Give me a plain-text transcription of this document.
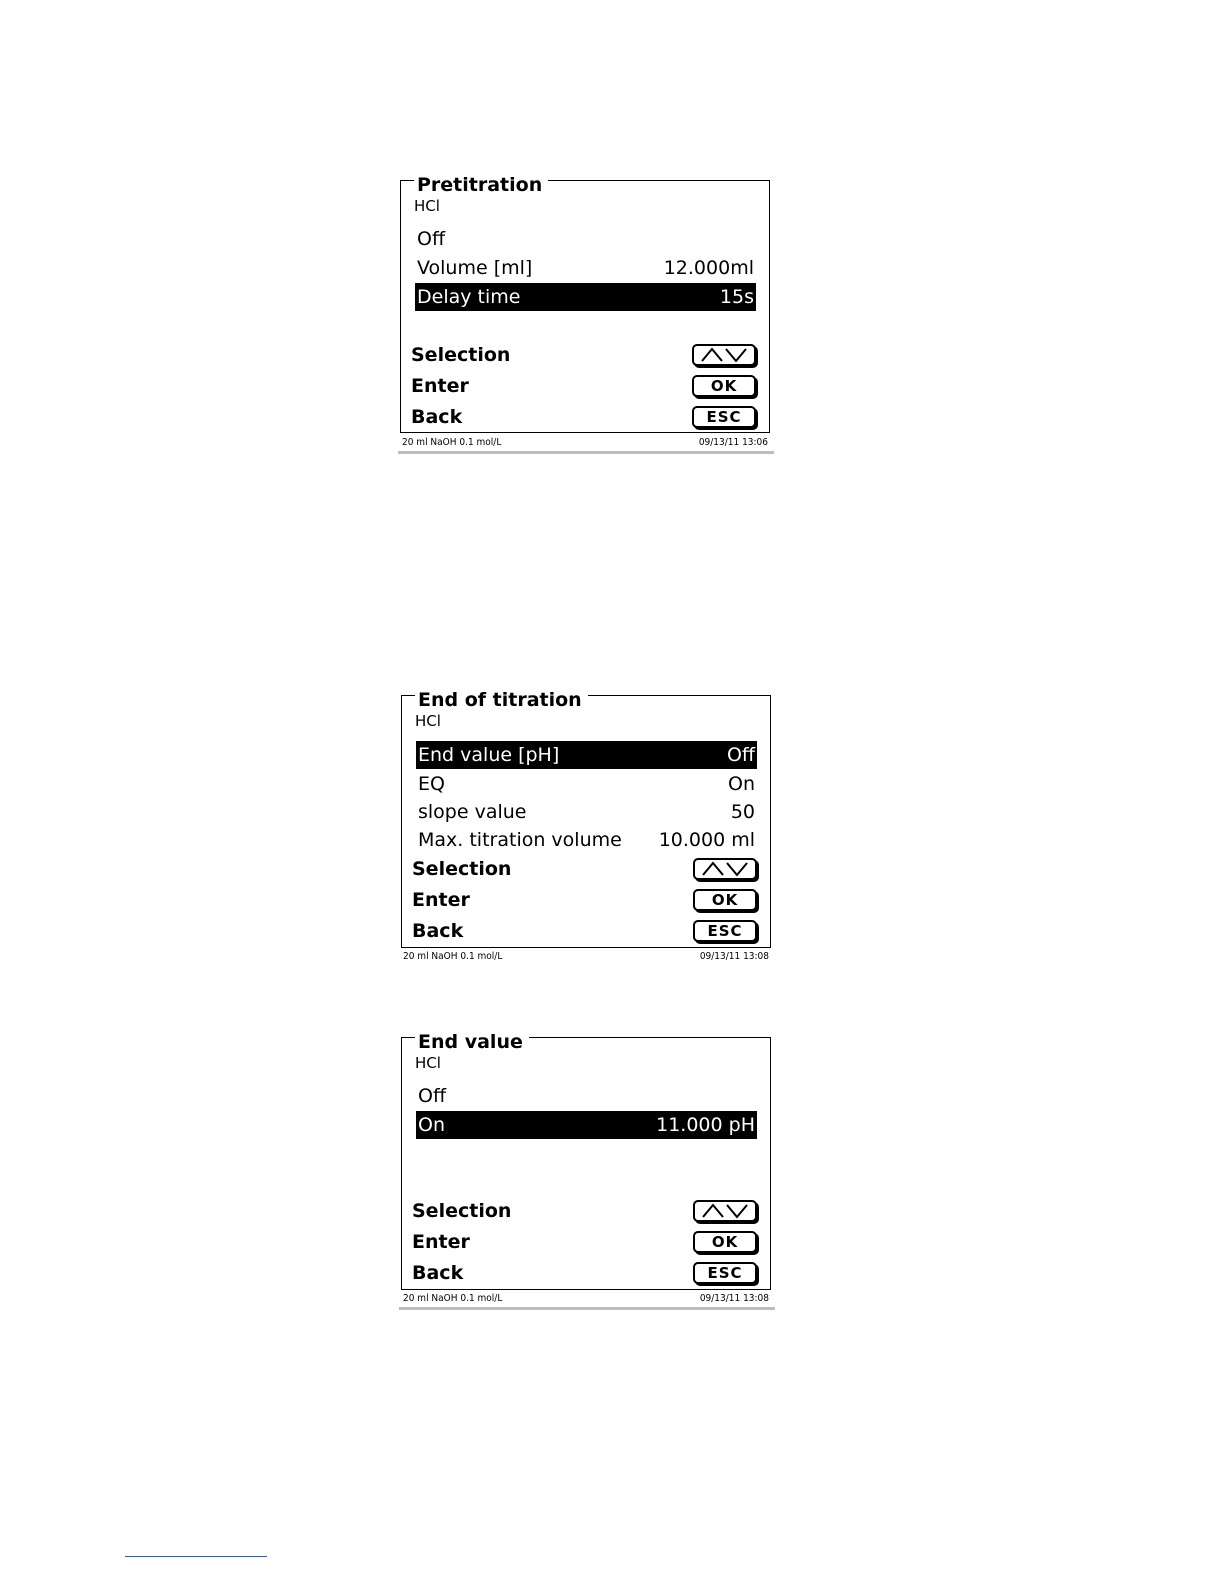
Pretitration
HCl
Off
Volume [ml]	12.000ml
Delay time	15s
Selection
Enter	OK
Back	ESC
20 ml NaOH 0.1 mol/L	09/13/11 13:06
End of titration
HCl
End value [pH]	Off
EQ	On
slope value	50
Max. titration volume 10.000 ml
Selection
Enter	OK
Back	ESC
20 ml NaOH 0.1 mol/L	09/13/11 13:08
End value
HCl
Off
On	11.000 pH
Selection
Enter	OK
Back	ESC
20 ml NaOH 0.1 mol/L	09/13/11 13:08
